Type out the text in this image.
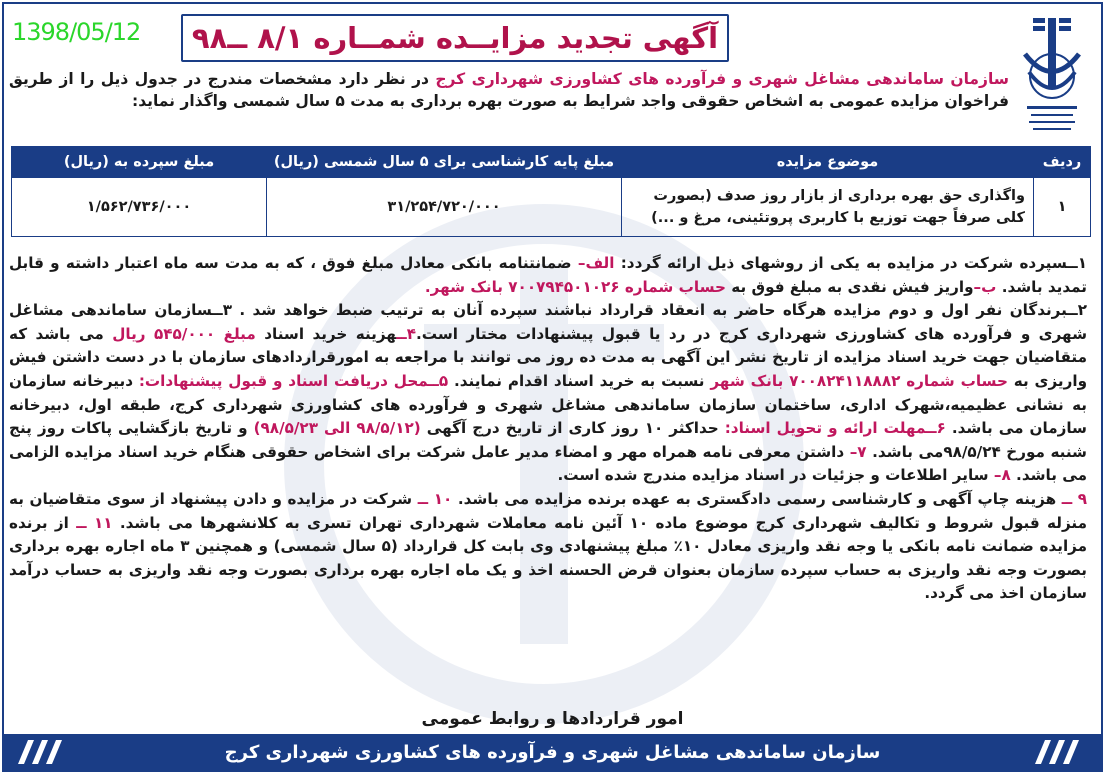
1398/05/12 آگهی تجدید مزایــده شمــاره ۸/۱ ــ۹۸
سازمان ساماندهی مشاغل شهری و فرآورده های کشاورزی شهرداری کرج در نظر دارد مشخصات مندرج در جدول ذیل را از طریق فراخوان مزایده عمومی به اشخاص حقوقی واجد شرایط به صورت بهره برداری به مدت ۵ سال شمسی واگذار نماید:
ردیف	موضوع مزایده	مبلغ پایه کارشناسی برای ۵ سال شمسی (ریال)	مبلغ سپرده به (ریال)
۱	واگذاری حق بهره برداری از بازار روز صدف (بصورت کلی صرفاً جهت توزیع با کاربری پروتئینی، مرغ و ...)	۳۱/۲۵۴/۷۲۰/۰۰۰	۱/۵۶۲/۷۳۶/۰۰۰

۱ــسپرده شرکت در مزایده به یکی از روشهای ذیل ارائه گردد: الف– ضمانتنامه بانکی معادل مبلغ فوق ، که به مدت سه ماه اعتبار داشته و قابل تمدید باشد. ب–واریز فیش نقدی به مبلغ فوق به حساب شماره ۷۰۰۷۹۴۵۰۱۰۲۶ بانک شهر.

۲ــبرندگان نفر اول و دوم مزایده هرگاه حاضر به انعقاد قرارداد نباشند سپرده آنان به ترتیب ضبط خواهد شد . ۳ــسازمان ساماندهی مشاغل شهری و فرآورده های کشاورزی شهرداری کرج در رد یا قبول پیشنهادات مختار است.۴ــهزینه خرید اسناد مبلغ ۵۴۵/۰۰۰ ریال می باشد که متقاضیان جهت خرید اسناد مزایده از تاریخ نشر این آگهی به مدت ده روز می توانند با مراجعه به امورقراردادهای سازمان با در دست داشتن فیش واریزی به حساب شماره ۷۰۰۸۲۴۱۱۸۸۸۲ بانک شهر نسبت به خرید اسناد اقدام نمایند. ۵ــمحل دریافت اسناد و قبول پیشنهادات: دبیرخانه سازمان به نشانی عظیمیه،شهرک اداری، ساختمان سازمان ساماندهی مشاغل شهری و فرآورده های کشاورزی شهرداری کرج، طبقه اول، دبیرخانه سازمان می باشد. ۶ــمهلت ارائه و تحویل اسناد: حداکثر ۱۰ روز کاری از تاریخ درج آگهی (۹۸/۵/۱۲ الی ۹۸/۵/۲۳) و تاریخ بازگشایی پاکات روز پنج شنبه مورخ ۹۸/۵/۲۴می باشد. ۷– داشتن معرفی نامه همراه مهر و امضاء مدیر عامل شرکت برای اشخاص حقوقی هنگام خرید اسناد مزایده الزامی می باشد. ۸– سایر اطلاعات و جزئیات در اسناد مزایده مندرج شده است.

۹ ــ هزینه چاپ آگهی و کارشناسی رسمی دادگستری به عهده برنده مزایده می باشد. ۱۰ ــ شرکت در مزایده و دادن پیشنهاد از سوی متقاضیان به منزله قبول شروط و تکالیف شهرداری کرج موضوع ماده ۱۰ آئین نامه معاملات شهرداری تهران تسری به کلانشهرها می باشد. ۱۱ ــ از برنده مزایده ضمانت نامه بانکی یا وجه نقد واریزی معادل ۱۰٪ مبلغ پیشنهادی وی بابت کل قرارداد (۵ سال شمسی) و همچنین ۳ ماه اجاره بهره برداری بصورت وجه نقد واریزی به حساب سپرده سازمان بعنوان قرض الحسنه اخذ و یک ماه اجاره بهره برداری بصورت وجه نقد واریزی به حساب درآمد سازمان اخذ می گردد.

امور قراردادها و روابط عمومی
سازمان ساماندهی مشاغل شهری و فرآورده های کشاورزی شهرداری کرج
